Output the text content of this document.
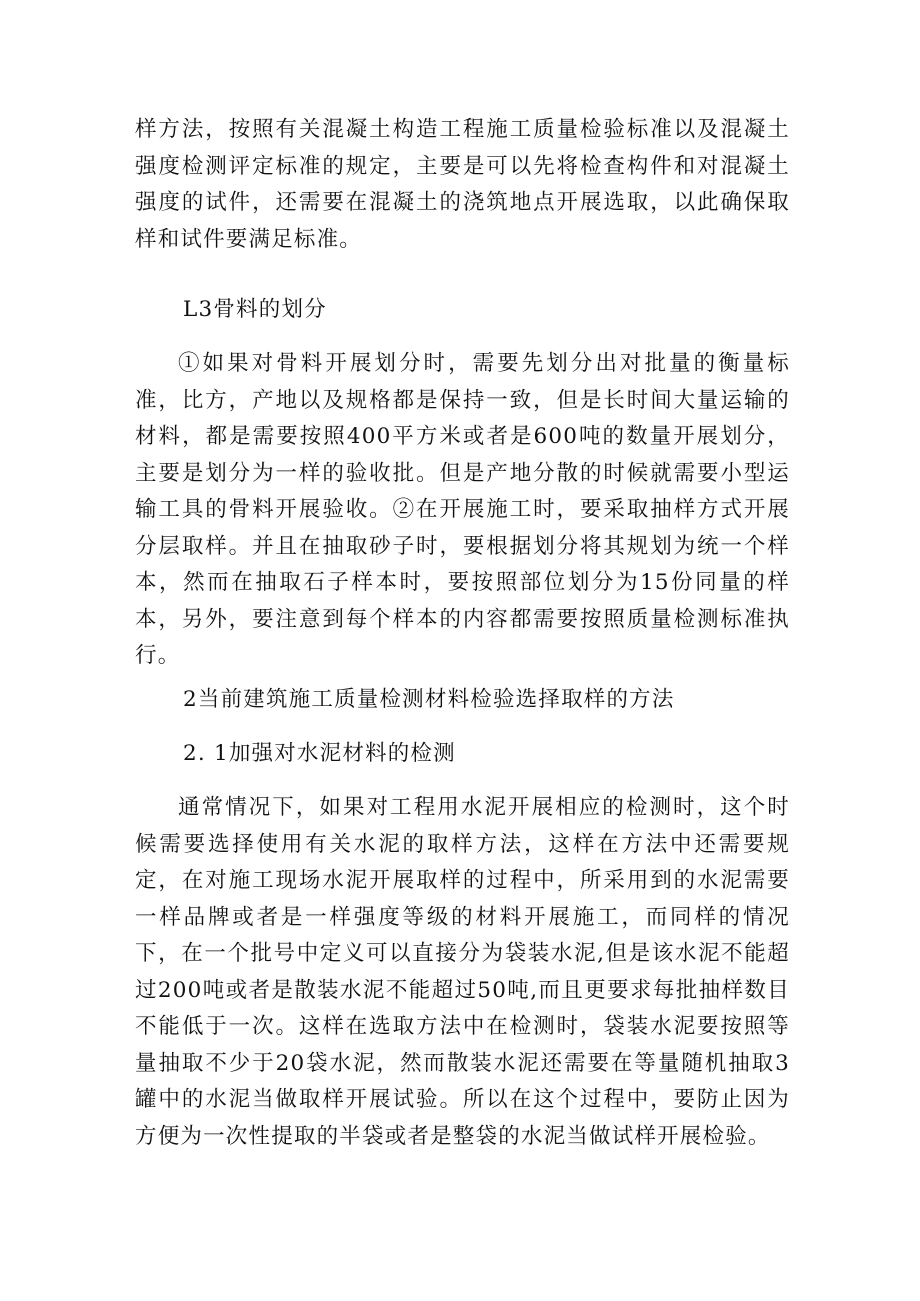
样方法，按照有关混凝土构造工程施工质量检验标准以及混凝土强度检测评定标准的规定，主要是可以先将检查构件和对混凝土强度的试件，还需要在混凝土的浇筑地点开展选取，以此确保取样和试件要满足标准。

L3骨料的划分

①如果对骨料开展划分时，需要先划分出对批量的衡量标准，比方，产地以及规格都是保持一致，但是长时间大量运输的材料，都是需要按照400平方米或者是600吨的数量开展划分，主要是划分为一样的验收批。但是产地分散的时候就需要小型运输工具的骨料开展验收。②在开展施工时，要采取抽样方式开展分层取样。并且在抽取砂子时，要根据划分将其规划为统一个样本，然而在抽取石子样本时，要按照部位划分为15份同量的样本，另外，要注意到每个样本的内容都需要按照质量检测标准执行。

2当前建筑施工质量检测材料检验选择取样的方法

2. 1加强对水泥材料的检测

通常情况下，如果对工程用水泥开展相应的检测时，这个时候需要选择使用有关水泥的取样方法，这样在方法中还需要规定，在对施工现场水泥开展取样的过程中，所采用到的水泥需要一样品牌或者是一样强度等级的材料开展施工，而同样的情况下，在一个批号中定义可以直接分为袋装水泥,但是该水泥不能超过200吨或者是散装水泥不能超过50吨,而且更要求每批抽样数目不能低于一次。这样在选取方法中在检测时，袋装水泥要按照等量抽取不少于20袋水泥，然而散装水泥还需要在等量随机抽取3罐中的水泥当做取样开展试验。所以在这个过程中，要防止因为方便为一次性提取的半袋或者是整袋的水泥当做试样开展检验。
